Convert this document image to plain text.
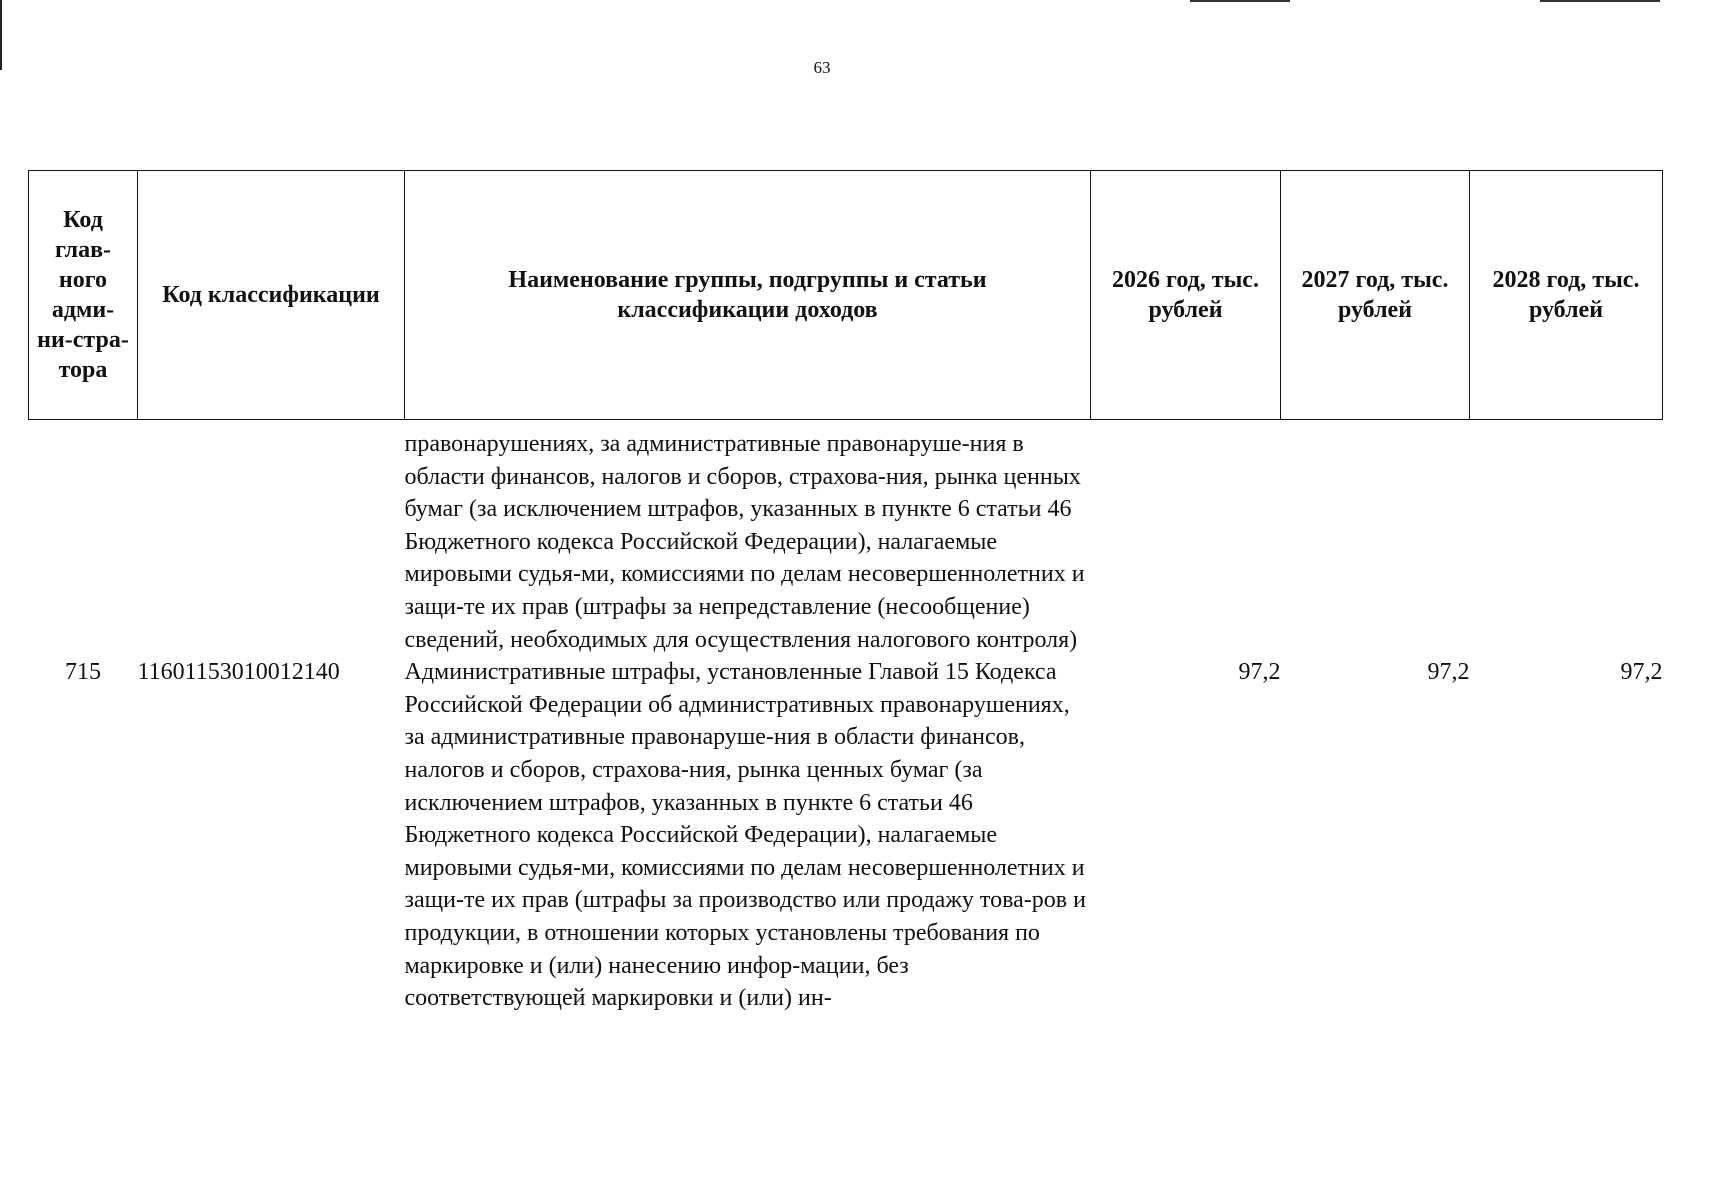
63
Код глав-ного адми-ни-стра-тора	Код классификации	Наименование группы, подгруппы и статьи классификации доходов	2026 год, тыс. рублей	2027 год, тыс. рублей	2028 год, тыс. рублей
		правонарушениях, за административные правонаруше-ния в области финансов, налогов и сборов, страхова-ния, рынка ценных бумаг (за исключением штрафов, указанных в пункте 6 статьи 46 Бюджетного кодекса Российской Федерации), налагаемые мировыми судья-ми, комиссиями по делам несовершеннолетних и защи-те их прав (штрафы за непредставление (несообщение) сведений, необходимых для осуществления налогового контроля)			
715	11601153010012140	Административные штрафы, установленные Главой 15 Кодекса Российской Федерации об административных правонарушениях, за административные правонаруше-ния в области финансов, налогов и сборов, страхова-ния, рынка ценных бумаг (за исключением штрафов, указанных в пункте 6 статьи 46 Бюджетного кодекса Российской Федерации), налагаемые мировыми судья-ми, комиссиями по делам несовершеннолетних и защи-те их прав (штрафы за производство или продажу това-ров и продукции, в отношении которых установлены требования по маркировке и (или) нанесению инфор-мации, без соответствующей маркировки и (или) ин-	97,2	97,2	97,2
